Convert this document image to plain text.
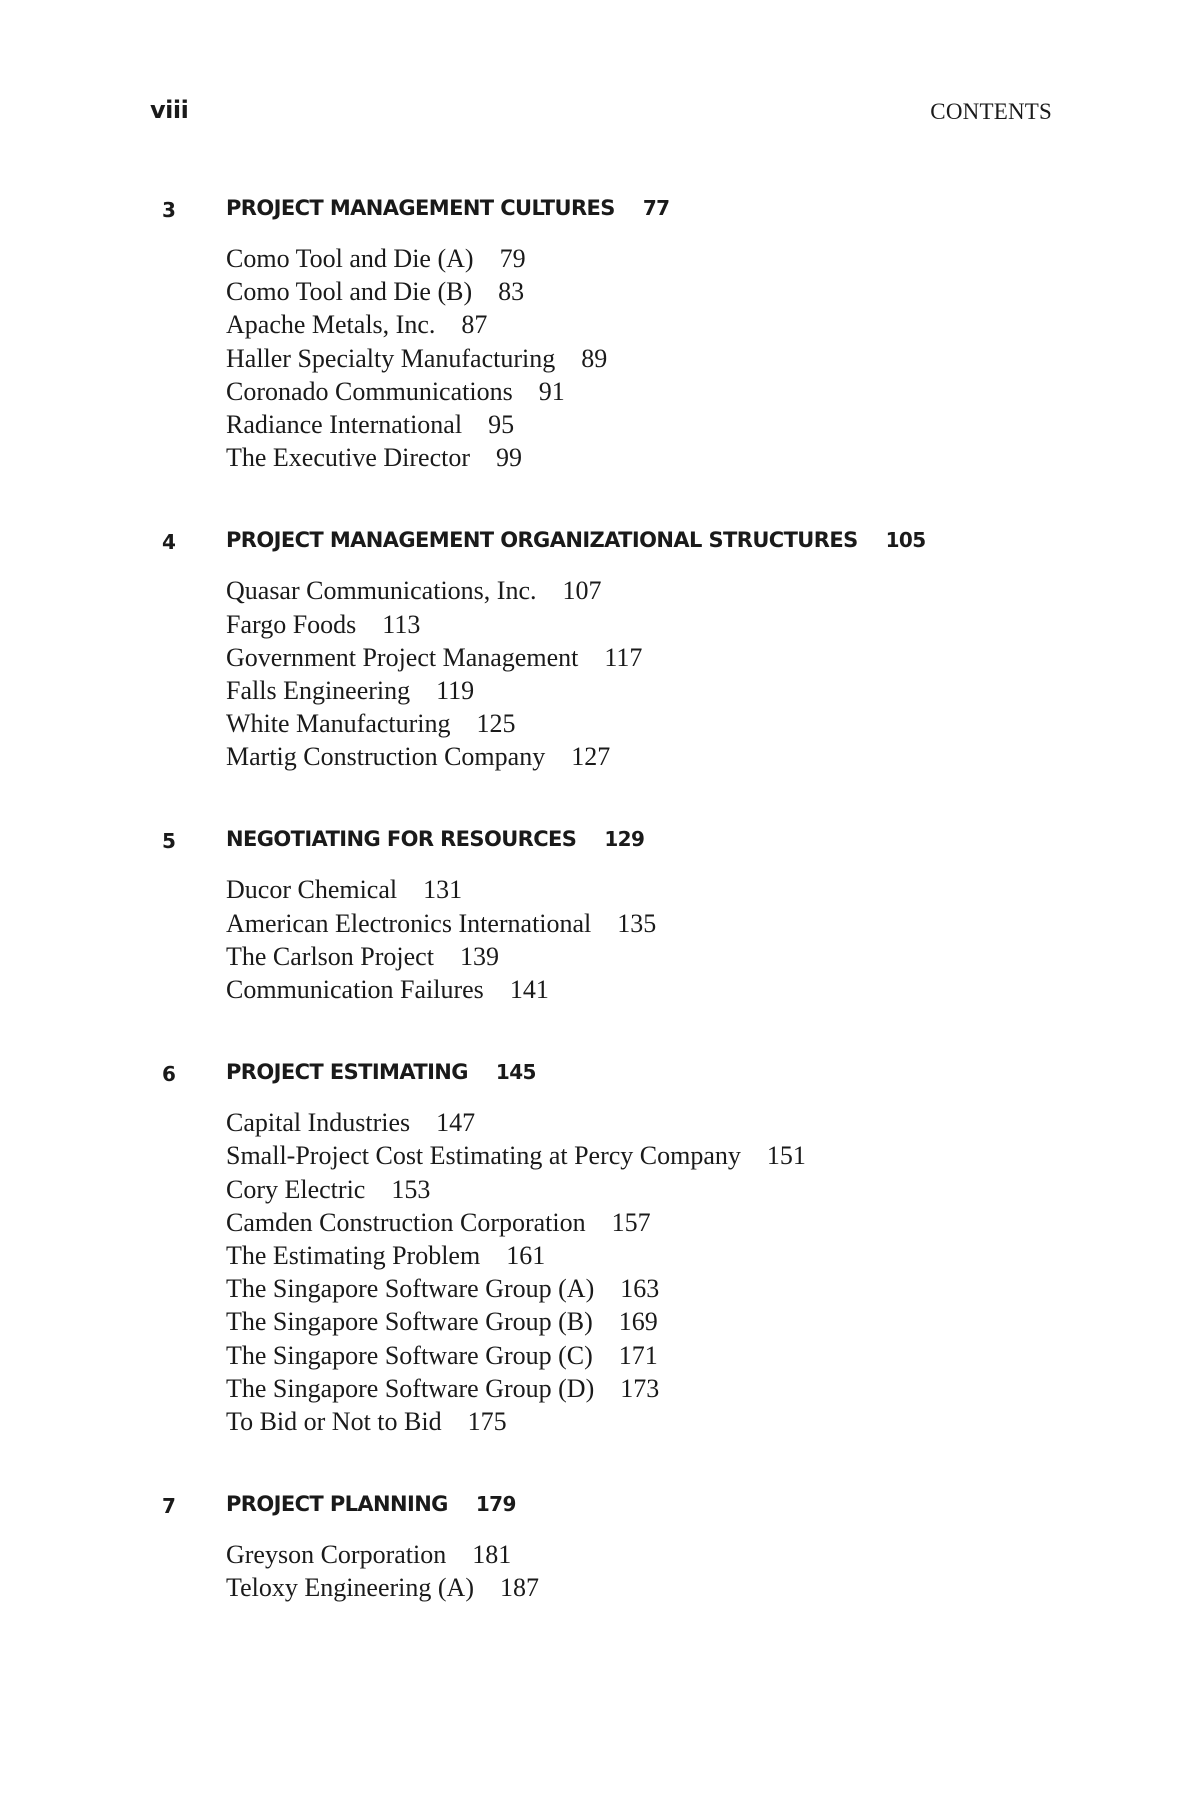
viii	CONTENTS
3 PROJECT MANAGEMENT CULTURES 77
Como Tool and Die (A) 79
Como Tool and Die (B) 83
Apache Metals, Inc. 87
Haller Specialty Manufacturing 89
Coronado Communications 91
Radiance International 95
The Executive Director 99
4 PROJECT MANAGEMENT ORGANIZATIONAL STRUCTURES 105
Quasar Communications, Inc. 107
Fargo Foods 113
Government Project Management 117
Falls Engineering 119
White Manufacturing 125
Martig Construction Company 127
5 NEGOTIATING FOR RESOURCES 129
Ducor Chemical 131
American Electronics International 135
The Carlson Project 139
Communication Failures 141
6 PROJECT ESTIMATING 145
Capital Industries 147
Small-Project Cost Estimating at Percy Company 151
Cory Electric 153
Camden Construction Corporation 157
The Estimating Problem 161
The Singapore Software Group (A) 163
The Singapore Software Group (B) 169
The Singapore Software Group (C) 171
The Singapore Software Group (D) 173
To Bid or Not to Bid 175
7 PROJECT PLANNING 179
Greyson Corporation 181
Teloxy Engineering (A) 187
